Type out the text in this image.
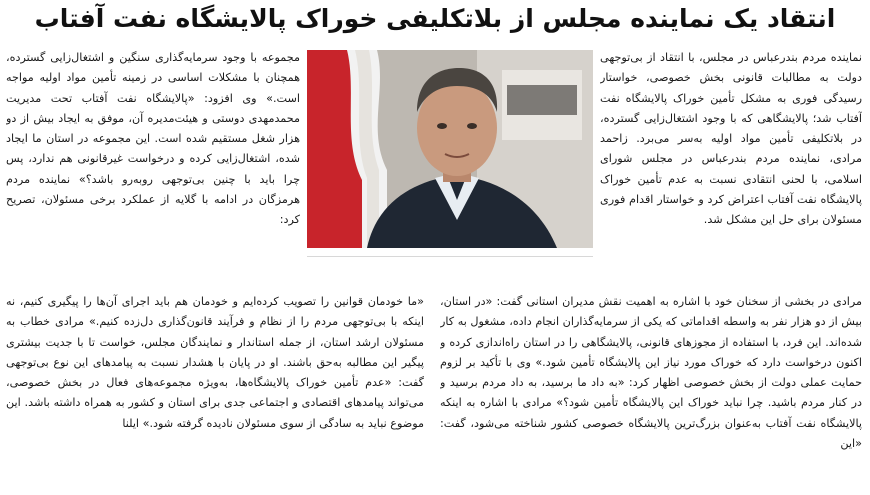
انتقاد یک نماینده مجلس از بلاتکلیفی خوراک پالایشگاه نفت آفتاب

نماینده مردم بندرعباس در مجلس، با انتقاد از بی‌توجهی دولت به مطالبات قانونی بخش خصوصی، خواستار رسیدگی فوری به مشکل تأمین خوراک پالایشگاه نفت آفتاب شد؛ پالایشگاهی که با وجود اشتغال‌زایی گسترده، در بلاتکلیفی تأمین مواد اولیه به‌سر می‌برد. زاحمد مرادی، نماینده مردم بندرعباس در مجلس شورای اسلامی، با لحنی انتقادی نسبت به عدم تأمین خوراک پالایشگاه نفت آفتاب اعتراض کرد و خواستار اقدام فوری مسئولان برای حل این مشکل شد.

مجموعه با وجود سرمایه‌گذاری سنگین و اشتغال‌زایی گسترده، همچنان با مشکلات اساسی در زمینه تأمین مواد اولیه مواجه است.» وی افزود: «پالایشگاه نفت آفتاب تحت مدیریت محمدمهدی دوستی و هیئت‌مدیره آن، موفق به ایجاد بیش از دو هزار شغل مستقیم شده است. این مجموعه در استان ما ایجاد شده، اشتغال‌زایی کرده و درخواست غیرقانونی هم ندارد، پس چرا باید با چنین بی‌توجهی روبه‌رو باشد؟» نماینده مردم هرمزگان در ادامه با گلایه از عملکرد برخی مسئولان، تصریح کرد:

مرادی در بخشی از سخنان خود با اشاره به اهمیت نقش مدیران استانی گفت: «در استان، بیش از دو هزار نفر به واسطه اقداماتی که یکی از سرمایه‌گذاران انجام داده، مشغول به کار شده‌اند. این فرد، با استفاده از مجوزهای قانونی، پالایشگاهی را در استان راه‌اندازی کرده و اکنون درخواست دارد که خوراک مورد نیاز این پالایشگاه تأمین شود.» وی با تأکید بر لزوم حمایت عملی دولت از بخش خصوصی اظهار کرد: «به داد ما برسید، به داد مردم برسید و در کنار مردم باشید. چرا نباید خوراک این پالایشگاه تأمین شود؟» مرادی با اشاره به اینکه پالایشگاه نفت آفتاب به‌عنوان بزرگ‌ترین پالایشگاه خصوصی کشور شناخته می‌شود، گفت: «این

«ما خودمان قوانین را تصویب کرده‌ایم و خودمان هم باید اجرای آن‌ها را پیگیری کنیم، نه اینکه با بی‌توجهی مردم را از نظام و فرآیند قانون‌گذاری دل‌زده کنیم.» مرادی خطاب به مسئولان ارشد استان، از جمله استاندار و نمایندگان مجلس، خواست تا با جدیت بیشتری پیگیر این مطالبه به‌حق باشند. او در پایان با هشدار نسبت به پیامدهای این نوع بی‌توجهی گفت: «عدم تأمین خوراک پالایشگاه‌ها، به‌ویژه مجموعه‌های فعال در بخش خصوصی، می‌تواند پیامدهای اقتصادی و اجتماعی جدی برای استان و کشور به همراه داشته باشد. این موضوع نباید به سادگی از سوی مسئولان نادیده گرفته شود.» ایلنا
